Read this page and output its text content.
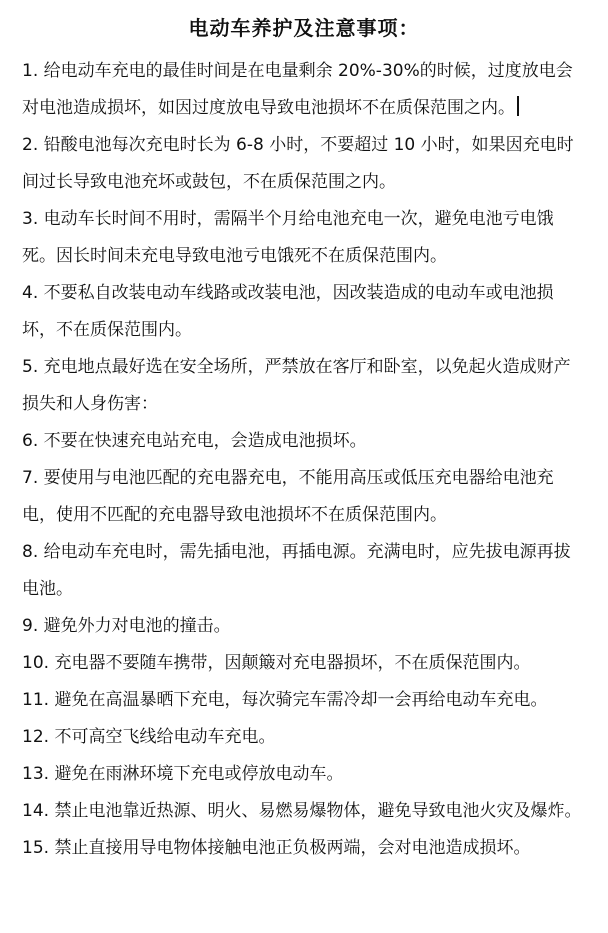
电动车养护及注意事项：

1. 给电动车充电的最佳时间是在电量剩余 20%-30%的时候，过度放电会对电池造成损坏，如因过度放电导致电池损坏不在质保范围之内。

2. 铅酸电池每次充电时长为 6-8 小时，不要超过 10 小时，如果因充电时间过长导致电池充坏或鼓包，不在质保范围之内。

3. 电动车长时间不用时，需隔半个月给电池充电一次，避免电池亏电饿死。因长时间未充电导致电池亏电饿死不在质保范围内。

4. 不要私自改装电动车线路或改装电池，因改装造成的电动车或电池损坏，不在质保范围内。

5. 充电地点最好选在安全场所，严禁放在客厅和卧室，以免起火造成财产损失和人身伤害：

6. 不要在快速充电站充电，会造成电池损坏。

7. 要使用与电池匹配的充电器充电，不能用高压或低压充电器给电池充电，使用不匹配的充电器导致电池损坏不在质保范围内。

8. 给电动车充电时，需先插电池，再插电源。充满电时，应先拔电源再拔电池。

9. 避免外力对电池的撞击。

10. 充电器不要随车携带，因颠簸对充电器损坏，不在质保范围内。

11. 避免在高温暴晒下充电，每次骑完车需冷却一会再给电动车充电。

12. 不可高空飞线给电动车充电。

13. 避免在雨淋环境下充电或停放电动车。

14. 禁止电池靠近热源、明火、易燃易爆物体，避免导致电池火灾及爆炸。

15. 禁止直接用导电物体接触电池正负极两端，会对电池造成损坏。
